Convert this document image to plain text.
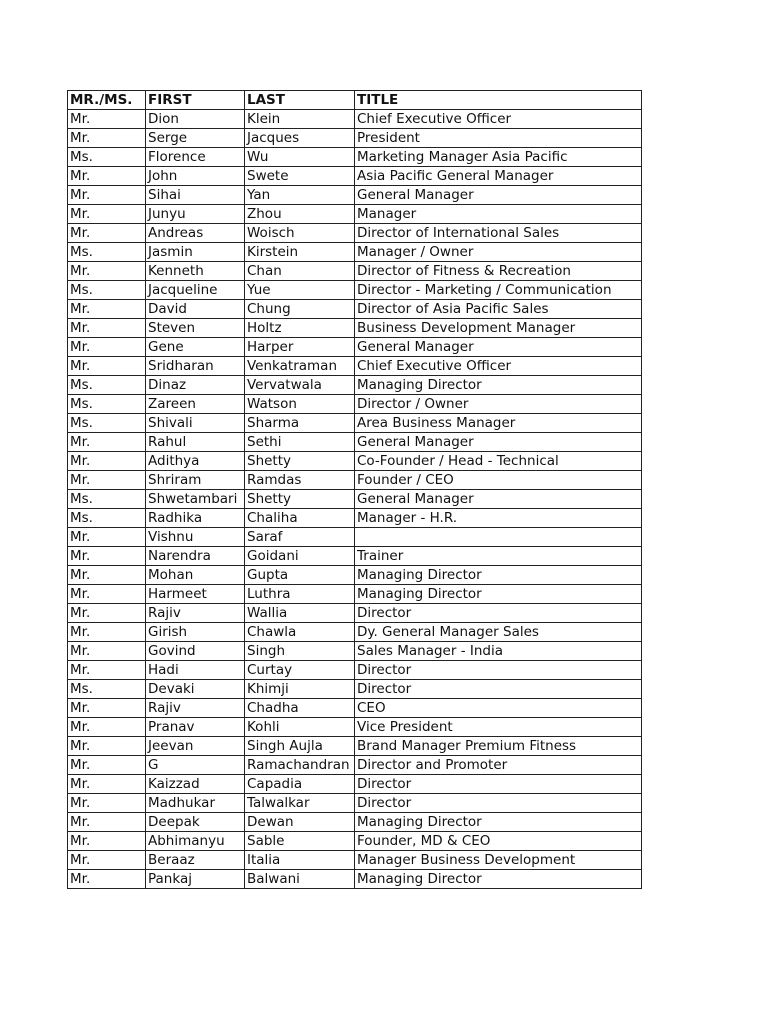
MR./MS.	FIRST	LAST	TITLE
Mr.	Dion	Klein	Chief Executive Officer
Mr.	Serge	Jacques	President
Ms.	Florence	Wu	Marketing Manager Asia Pacific
Mr.	John	Swete	Asia Pacific General Manager
Mr.	Sihai	Yan	General Manager
Mr.	Junyu	Zhou	Manager
Mr.	Andreas	Woisch	Director of International Sales
Ms.	Jasmin	Kirstein	Manager / Owner
Mr.	Kenneth	Chan	Director of Fitness & Recreation
Ms.	Jacqueline	Yue	Director - Marketing / Communication
Mr.	David	Chung	Director of Asia Pacific Sales
Mr.	Steven	Holtz	Business Development Manager
Mr.	Gene	Harper	General Manager
Mr.	Sridharan	Venkatraman	Chief Executive Officer
Ms.	Dinaz	Vervatwala	Managing Director
Ms.	Zareen	Watson	Director / Owner
Ms.	Shivali	Sharma	Area Business Manager
Mr.	Rahul	Sethi	General Manager
Mr.	Adithya	Shetty	Co-Founder / Head - Technical
Mr.	Shriram	Ramdas	Founder / CEO
Ms.	Shwetambari	Shetty	General Manager
Ms.	Radhika	Chaliha	Manager - H.R.
Mr.	Vishnu	Saraf	
Mr.	Narendra	Goidani	Trainer
Mr.	Mohan	Gupta	Managing Director
Mr.	Harmeet	Luthra	Managing Director
Mr.	Rajiv	Wallia	Director
Mr.	Girish	Chawla	Dy. General Manager Sales
Mr.	Govind	Singh	Sales Manager - India
Mr.	Hadi	Curtay	Director
Ms.	Devaki	Khimji	Director
Mr.	Rajiv	Chadha	CEO
Mr.	Pranav	Kohli	Vice President
Mr.	Jeevan	Singh Aujla	Brand Manager Premium Fitness
Mr.	G	Ramachandran	Director and Promoter
Mr.	Kaizzad	Capadia	Director
Mr.	Madhukar	Talwalkar	Director
Mr.	Deepak	Dewan	Managing Director
Mr.	Abhimanyu	Sable	Founder, MD & CEO
Mr.	Beraaz	Italia	Manager Business Development
Mr.	Pankaj	Balwani	Managing Director
